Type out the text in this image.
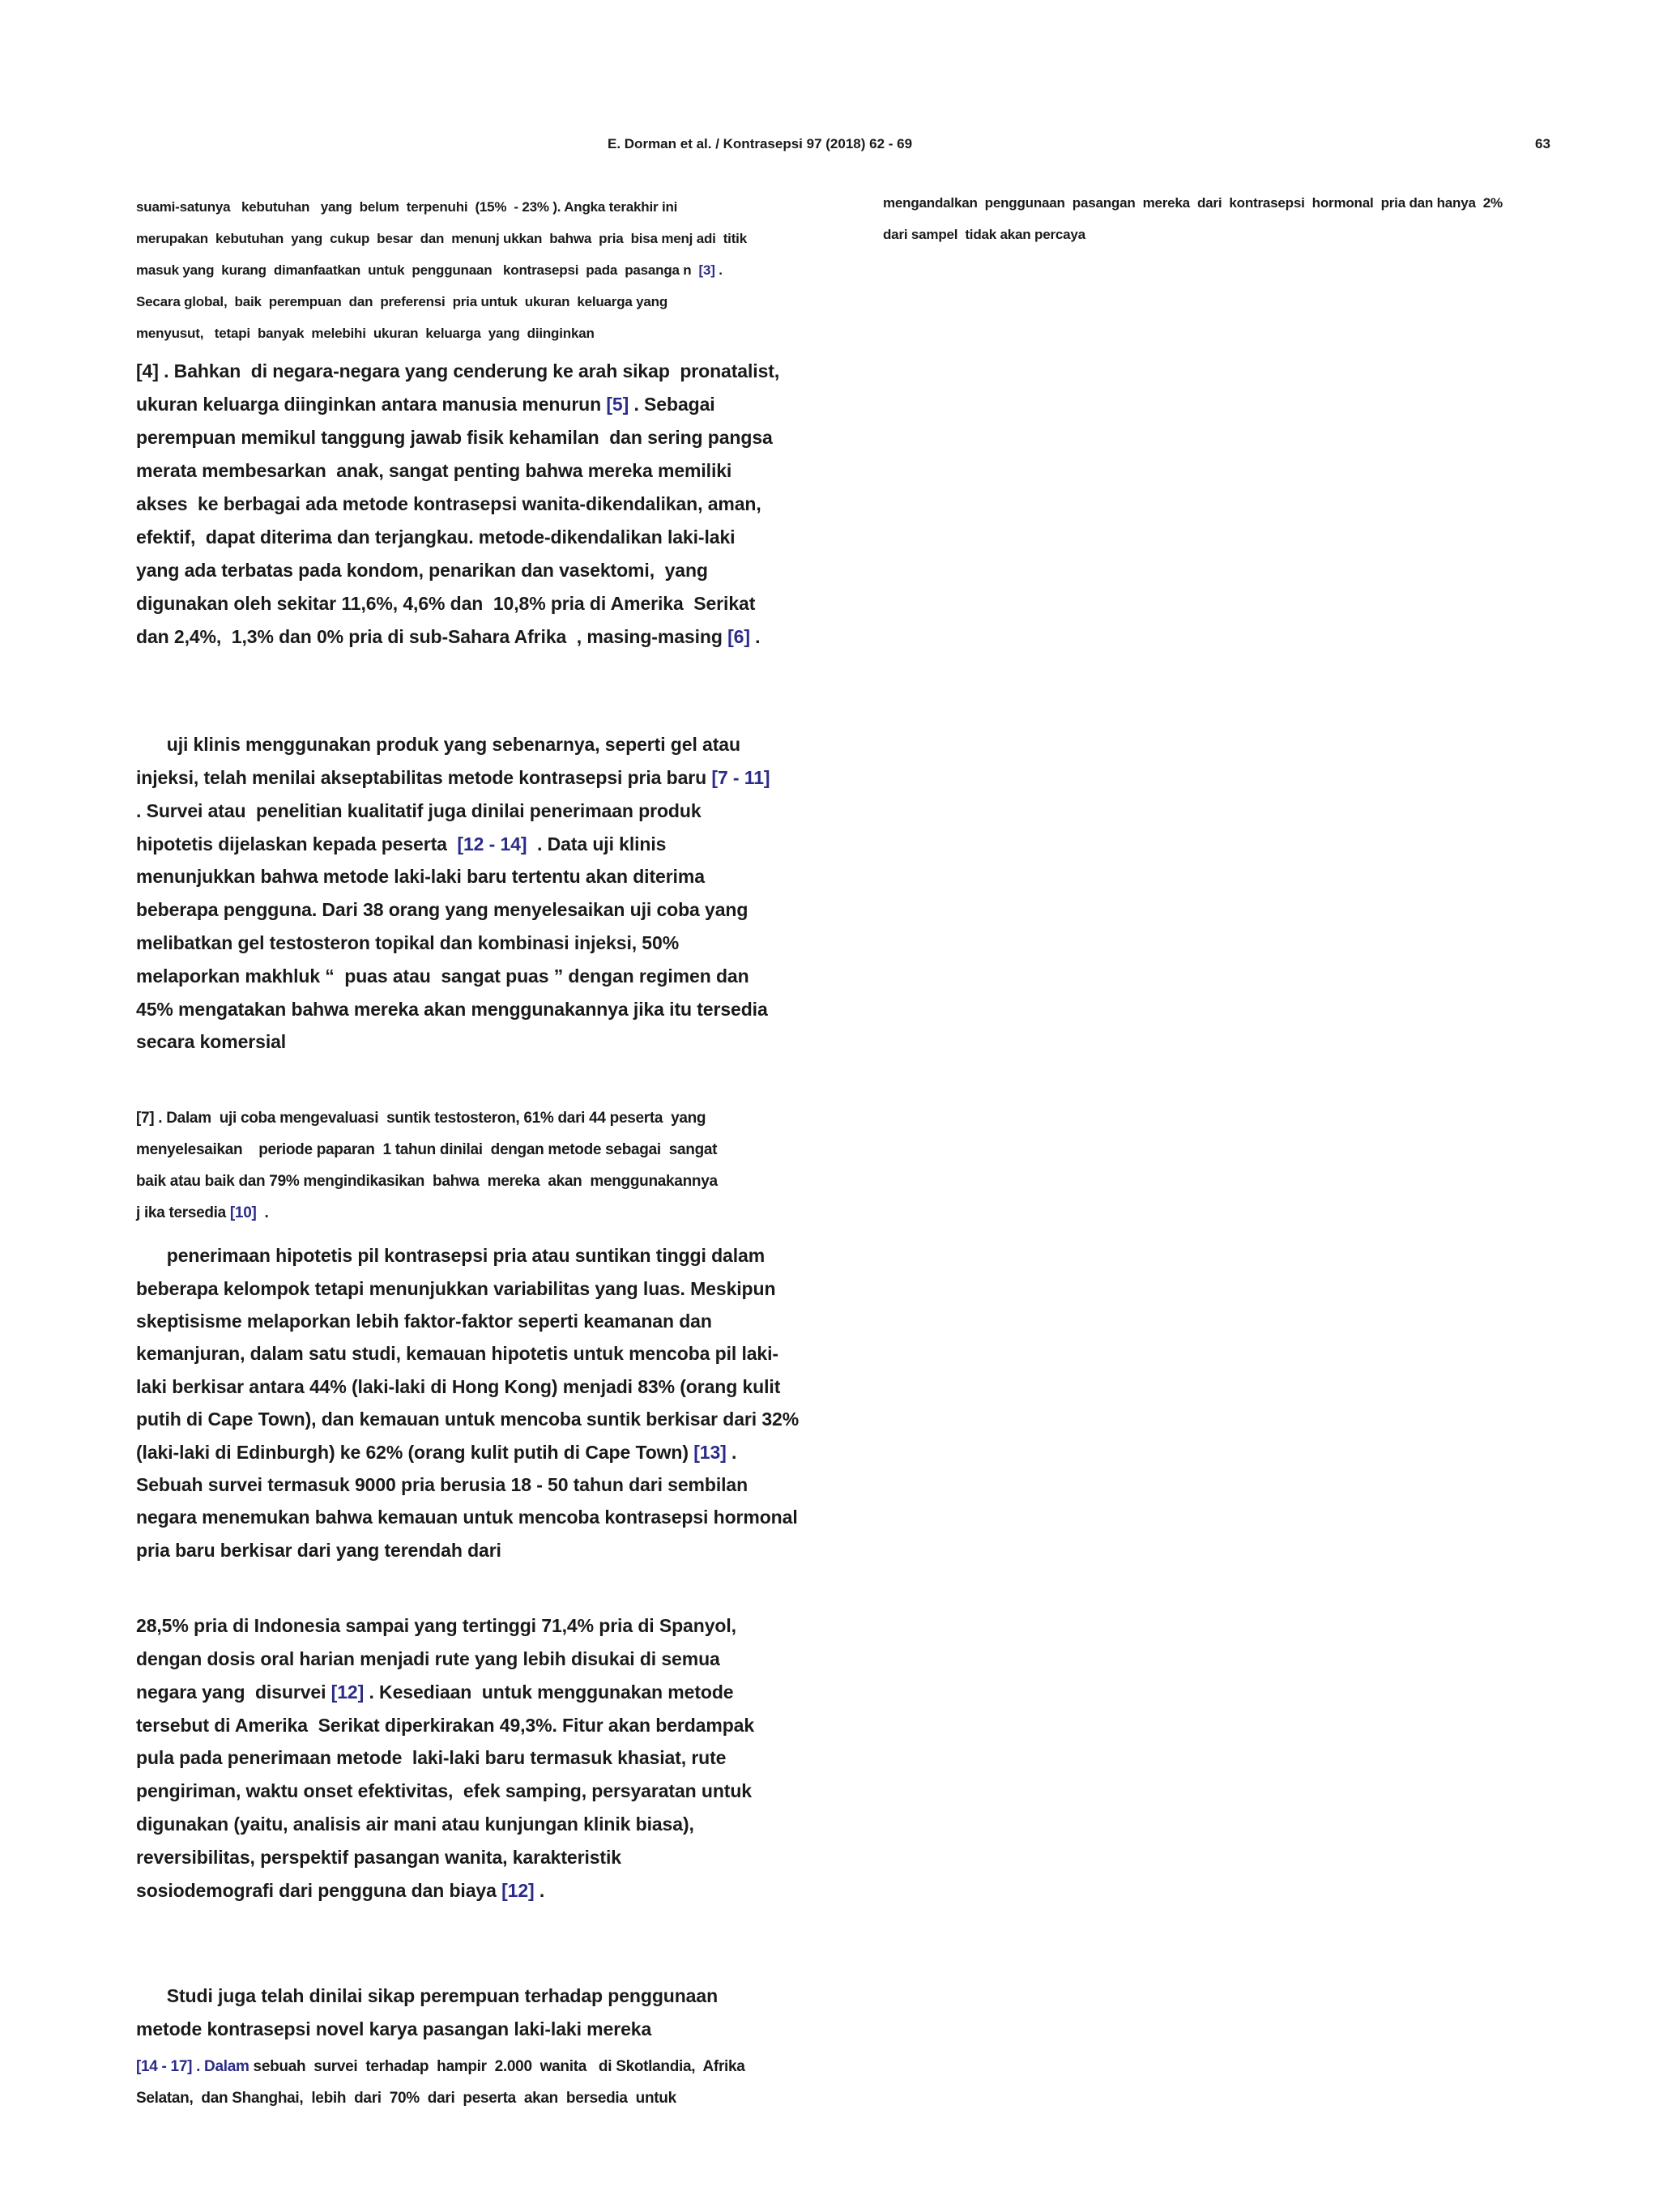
E. Dorman et al. / Kontrasepsi 97 (2018) 62 - 69	63
suami-satunya   kebutuhan   yang  belum  terpenuhi  (15%  - 23% ). Angka terakhir ini
merupakan  kebutuhan  yang  cukup  besar  dan  menunj ukkan  bahwa  pria  bisa menj adi  titik
masuk yang  kurang  dimanfaatkan  untuk  penggunaan   kontrasepsi  pada  pasanga n  [3] .
Secara global,  baik  perempuan  dan  preferensi  pria untuk  ukuran  keluarga yang
menyusut,   tetapi  banyak  melebihi  ukuran  keluarga  yang  diinginkan
[4] . Bahkan  di negara-negara yang cenderung ke arah sikap  pronatalist,
ukuran keluarga diinginkan antara manusia menurun [5] . Sebagai
perempuan memikul tanggung jawab fisik kehamilan  dan sering pangsa
merata membesarkan  anak, sangat penting bahwa mereka memiliki
akses  ke berbagai ada metode kontrasepsi wanita-dikendalikan, aman,
efektif,  dapat diterima dan terjangkau. metode-dikendalikan laki-laki
yang ada terbatas pada kondom, penarikan dan vasektomi,  yang
digunakan oleh sekitar 11,6%, 4,6% dan  10,8% pria di Amerika  Serikat
dan 2,4%,  1,3% dan 0% pria di sub-Sahara Afrika  , masing-masing [6] .
uji klinis menggunakan produk yang sebenarnya, seperti gel atau
injeksi, telah menilai akseptabilitas metode kontrasepsi pria baru [7 - 11]
. Survei atau  penelitian kualitatif juga dinilai penerimaan produk
hipotetis dijelaskan kepada peserta  [12 - 14]  . Data uji klinis
menunjukkan bahwa metode laki-laki baru tertentu akan diterima
beberapa pengguna. Dari 38 orang yang menyelesaikan uji coba yang
melibatkan gel testosteron topikal dan kombinasi injeksi, 50%
melaporkan makhluk “  puas atau  sangat puas ” dengan regimen dan
45% mengatakan bahwa mereka akan menggunakannya jika itu tersedia
secara komersial
[7] . Dalam  uji coba mengevaluasi  suntik testosteron, 61% dari 44 peserta  yang
menyelesaikan    periode paparan  1 tahun dinilai  dengan metode sebagai  sangat
baik atau baik dan 79% mengindikasikan  bahwa  mereka  akan  menggunakannya
j ika tersedia [10]  .
penerimaan hipotetis pil kontrasepsi pria atau suntikan tinggi dalam
beberapa kelompok tetapi menunjukkan variabilitas yang luas. Meskipun
skeptisisme melaporkan lebih faktor-faktor seperti keamanan dan
kemanjuran, dalam satu studi, kemauan hipotetis untuk mencoba pil laki-
laki berkisar antara 44% (laki-laki di Hong Kong) menjadi 83% (orang kulit
putih di Cape Town), dan kemauan untuk mencoba suntik berkisar dari 32%
(laki-laki di Edinburgh) ke 62% (orang kulit putih di Cape Town) [13] .
Sebuah survei termasuk 9000 pria berusia 18 - 50 tahun dari sembilan
negara menemukan bahwa kemauan untuk mencoba kontrasepsi hormonal
pria baru berkisar dari yang terendah dari
28,5% pria di Indonesia sampai yang tertinggi 71,4% pria di Spanyol,
dengan dosis oral harian menjadi rute yang lebih disukai di semua
negara yang  disurvei [12] . Kesediaan  untuk menggunakan metode
tersebut di Amerika  Serikat diperkirakan 49,3%. Fitur akan berdampak
pula pada penerimaan metode  laki-laki baru termasuk khasiat, rute
pengiriman, waktu onset efektivitas,  efek samping, persyaratan untuk
digunakan (yaitu, analisis air mani atau kunjungan klinik biasa),
reversibilitas, perspektif pasangan wanita, karakteristik
sosiodemografi dari pengguna dan biaya [12] .
Studi juga telah dinilai sikap perempuan terhadap penggunaan
metode kontrasepsi novel karya pasangan laki-laki mereka
[14 - 17] . Dalam sebuah  survei  terhadap  hampir  2.000  wanita   di Skotlandia,  Afrika
Selatan,  dan Shanghai,  lebih  dari  70%  dari  peserta  akan  bersedia  untuk
mengandalkan  penggunaan  pasangan  mereka  dari  kontrasepsi  hormonal  pria dan hanya  2%
dari sampel  tidak akan percaya
